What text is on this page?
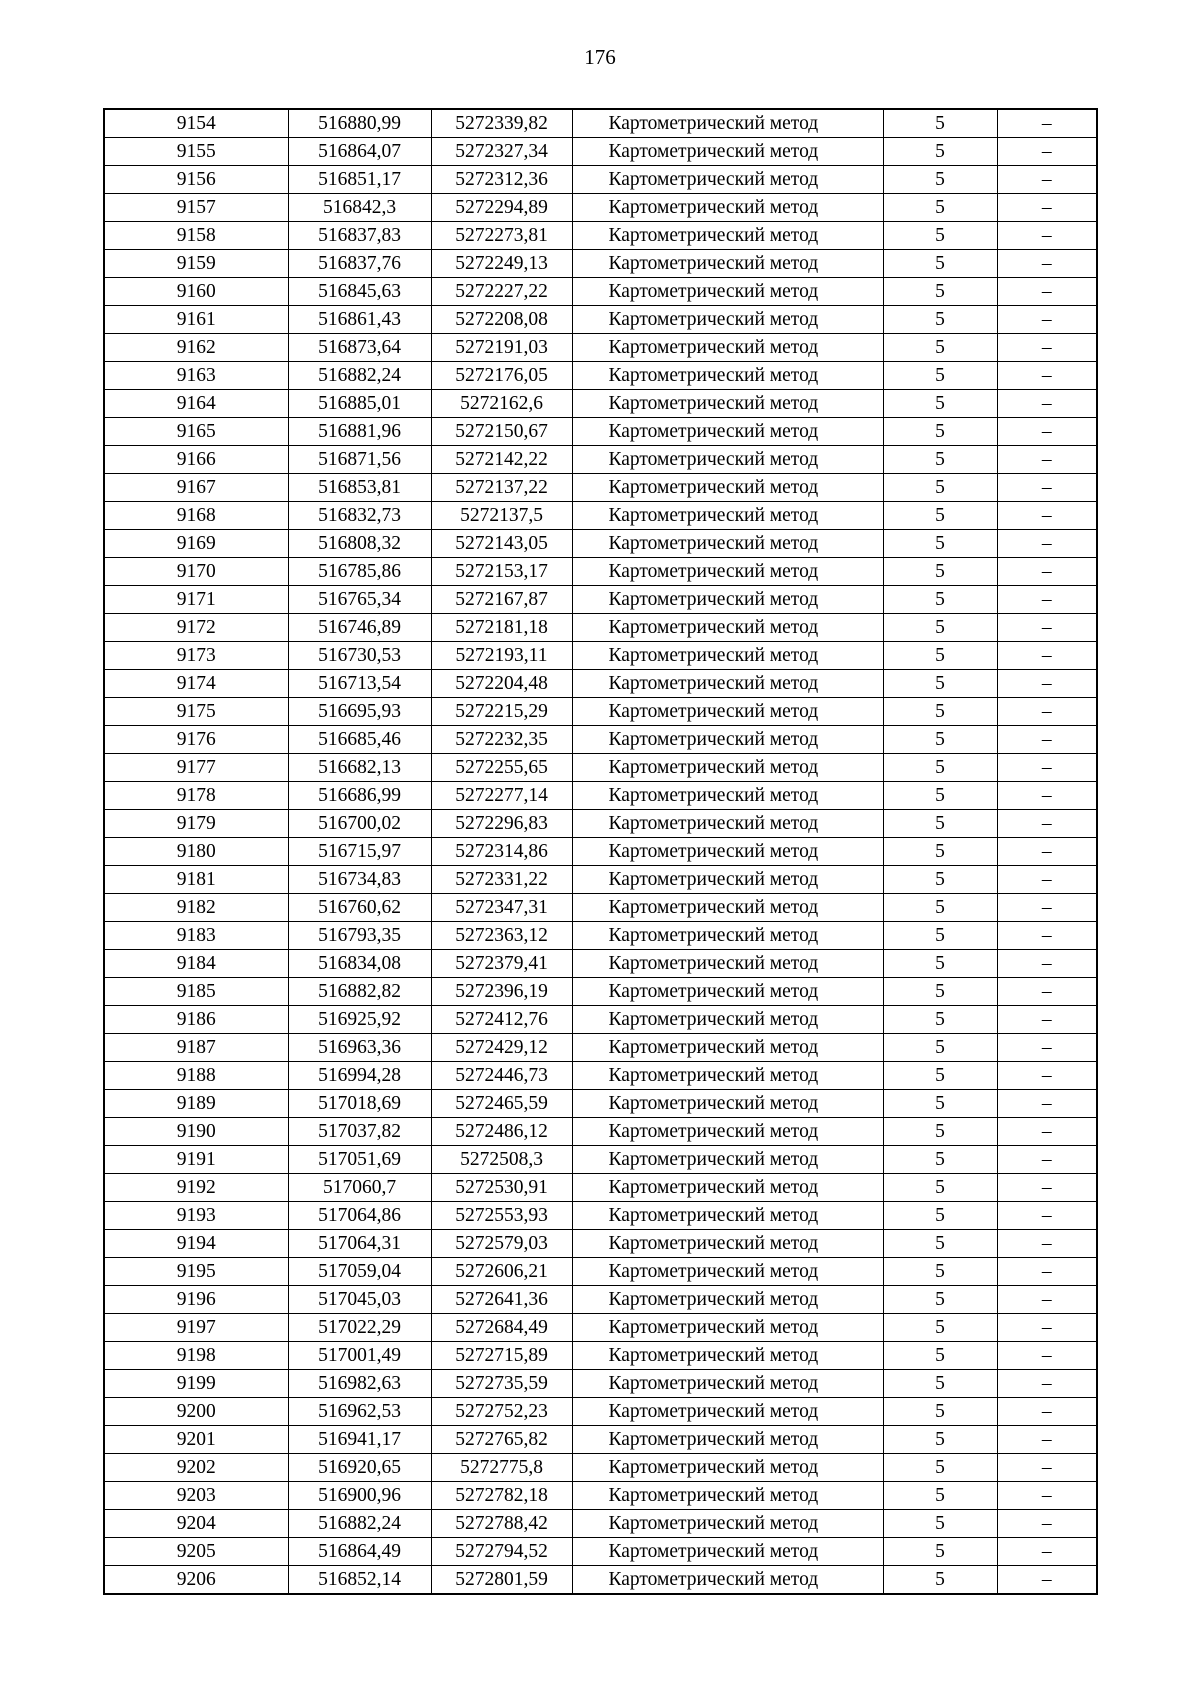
176
9154	516880,99	5272339,82	Картометрический метод	5	–
9155	516864,07	5272327,34	Картометрический метод	5	–
9156	516851,17	5272312,36	Картометрический метод	5	–
9157	516842,3	5272294,89	Картометрический метод	5	–
9158	516837,83	5272273,81	Картометрический метод	5	–
9159	516837,76	5272249,13	Картометрический метод	5	–
9160	516845,63	5272227,22	Картометрический метод	5	–
9161	516861,43	5272208,08	Картометрический метод	5	–
9162	516873,64	5272191,03	Картометрический метод	5	–
9163	516882,24	5272176,05	Картометрический метод	5	–
9164	516885,01	5272162,6	Картометрический метод	5	–
9165	516881,96	5272150,67	Картометрический метод	5	–
9166	516871,56	5272142,22	Картометрический метод	5	–
9167	516853,81	5272137,22	Картометрический метод	5	–
9168	516832,73	5272137,5	Картометрический метод	5	–
9169	516808,32	5272143,05	Картометрический метод	5	–
9170	516785,86	5272153,17	Картометрический метод	5	–
9171	516765,34	5272167,87	Картометрический метод	5	–
9172	516746,89	5272181,18	Картометрический метод	5	–
9173	516730,53	5272193,11	Картометрический метод	5	–
9174	516713,54	5272204,48	Картометрический метод	5	–
9175	516695,93	5272215,29	Картометрический метод	5	–
9176	516685,46	5272232,35	Картометрический метод	5	–
9177	516682,13	5272255,65	Картометрический метод	5	–
9178	516686,99	5272277,14	Картометрический метод	5	–
9179	516700,02	5272296,83	Картометрический метод	5	–
9180	516715,97	5272314,86	Картометрический метод	5	–
9181	516734,83	5272331,22	Картометрический метод	5	–
9182	516760,62	5272347,31	Картометрический метод	5	–
9183	516793,35	5272363,12	Картометрический метод	5	–
9184	516834,08	5272379,41	Картометрический метод	5	–
9185	516882,82	5272396,19	Картометрический метод	5	–
9186	516925,92	5272412,76	Картометрический метод	5	–
9187	516963,36	5272429,12	Картометрический метод	5	–
9188	516994,28	5272446,73	Картометрический метод	5	–
9189	517018,69	5272465,59	Картометрический метод	5	–
9190	517037,82	5272486,12	Картометрический метод	5	–
9191	517051,69	5272508,3	Картометрический метод	5	–
9192	517060,7	5272530,91	Картометрический метод	5	–
9193	517064,86	5272553,93	Картометрический метод	5	–
9194	517064,31	5272579,03	Картометрический метод	5	–
9195	517059,04	5272606,21	Картометрический метод	5	–
9196	517045,03	5272641,36	Картометрический метод	5	–
9197	517022,29	5272684,49	Картометрический метод	5	–
9198	517001,49	5272715,89	Картометрический метод	5	–
9199	516982,63	5272735,59	Картометрический метод	5	–
9200	516962,53	5272752,23	Картометрический метод	5	–
9201	516941,17	5272765,82	Картометрический метод	5	–
9202	516920,65	5272775,8	Картометрический метод	5	–
9203	516900,96	5272782,18	Картометрический метод	5	–
9204	516882,24	5272788,42	Картометрический метод	5	–
9205	516864,49	5272794,52	Картометрический метод	5	–
9206	516852,14	5272801,59	Картометрический метод	5	–
